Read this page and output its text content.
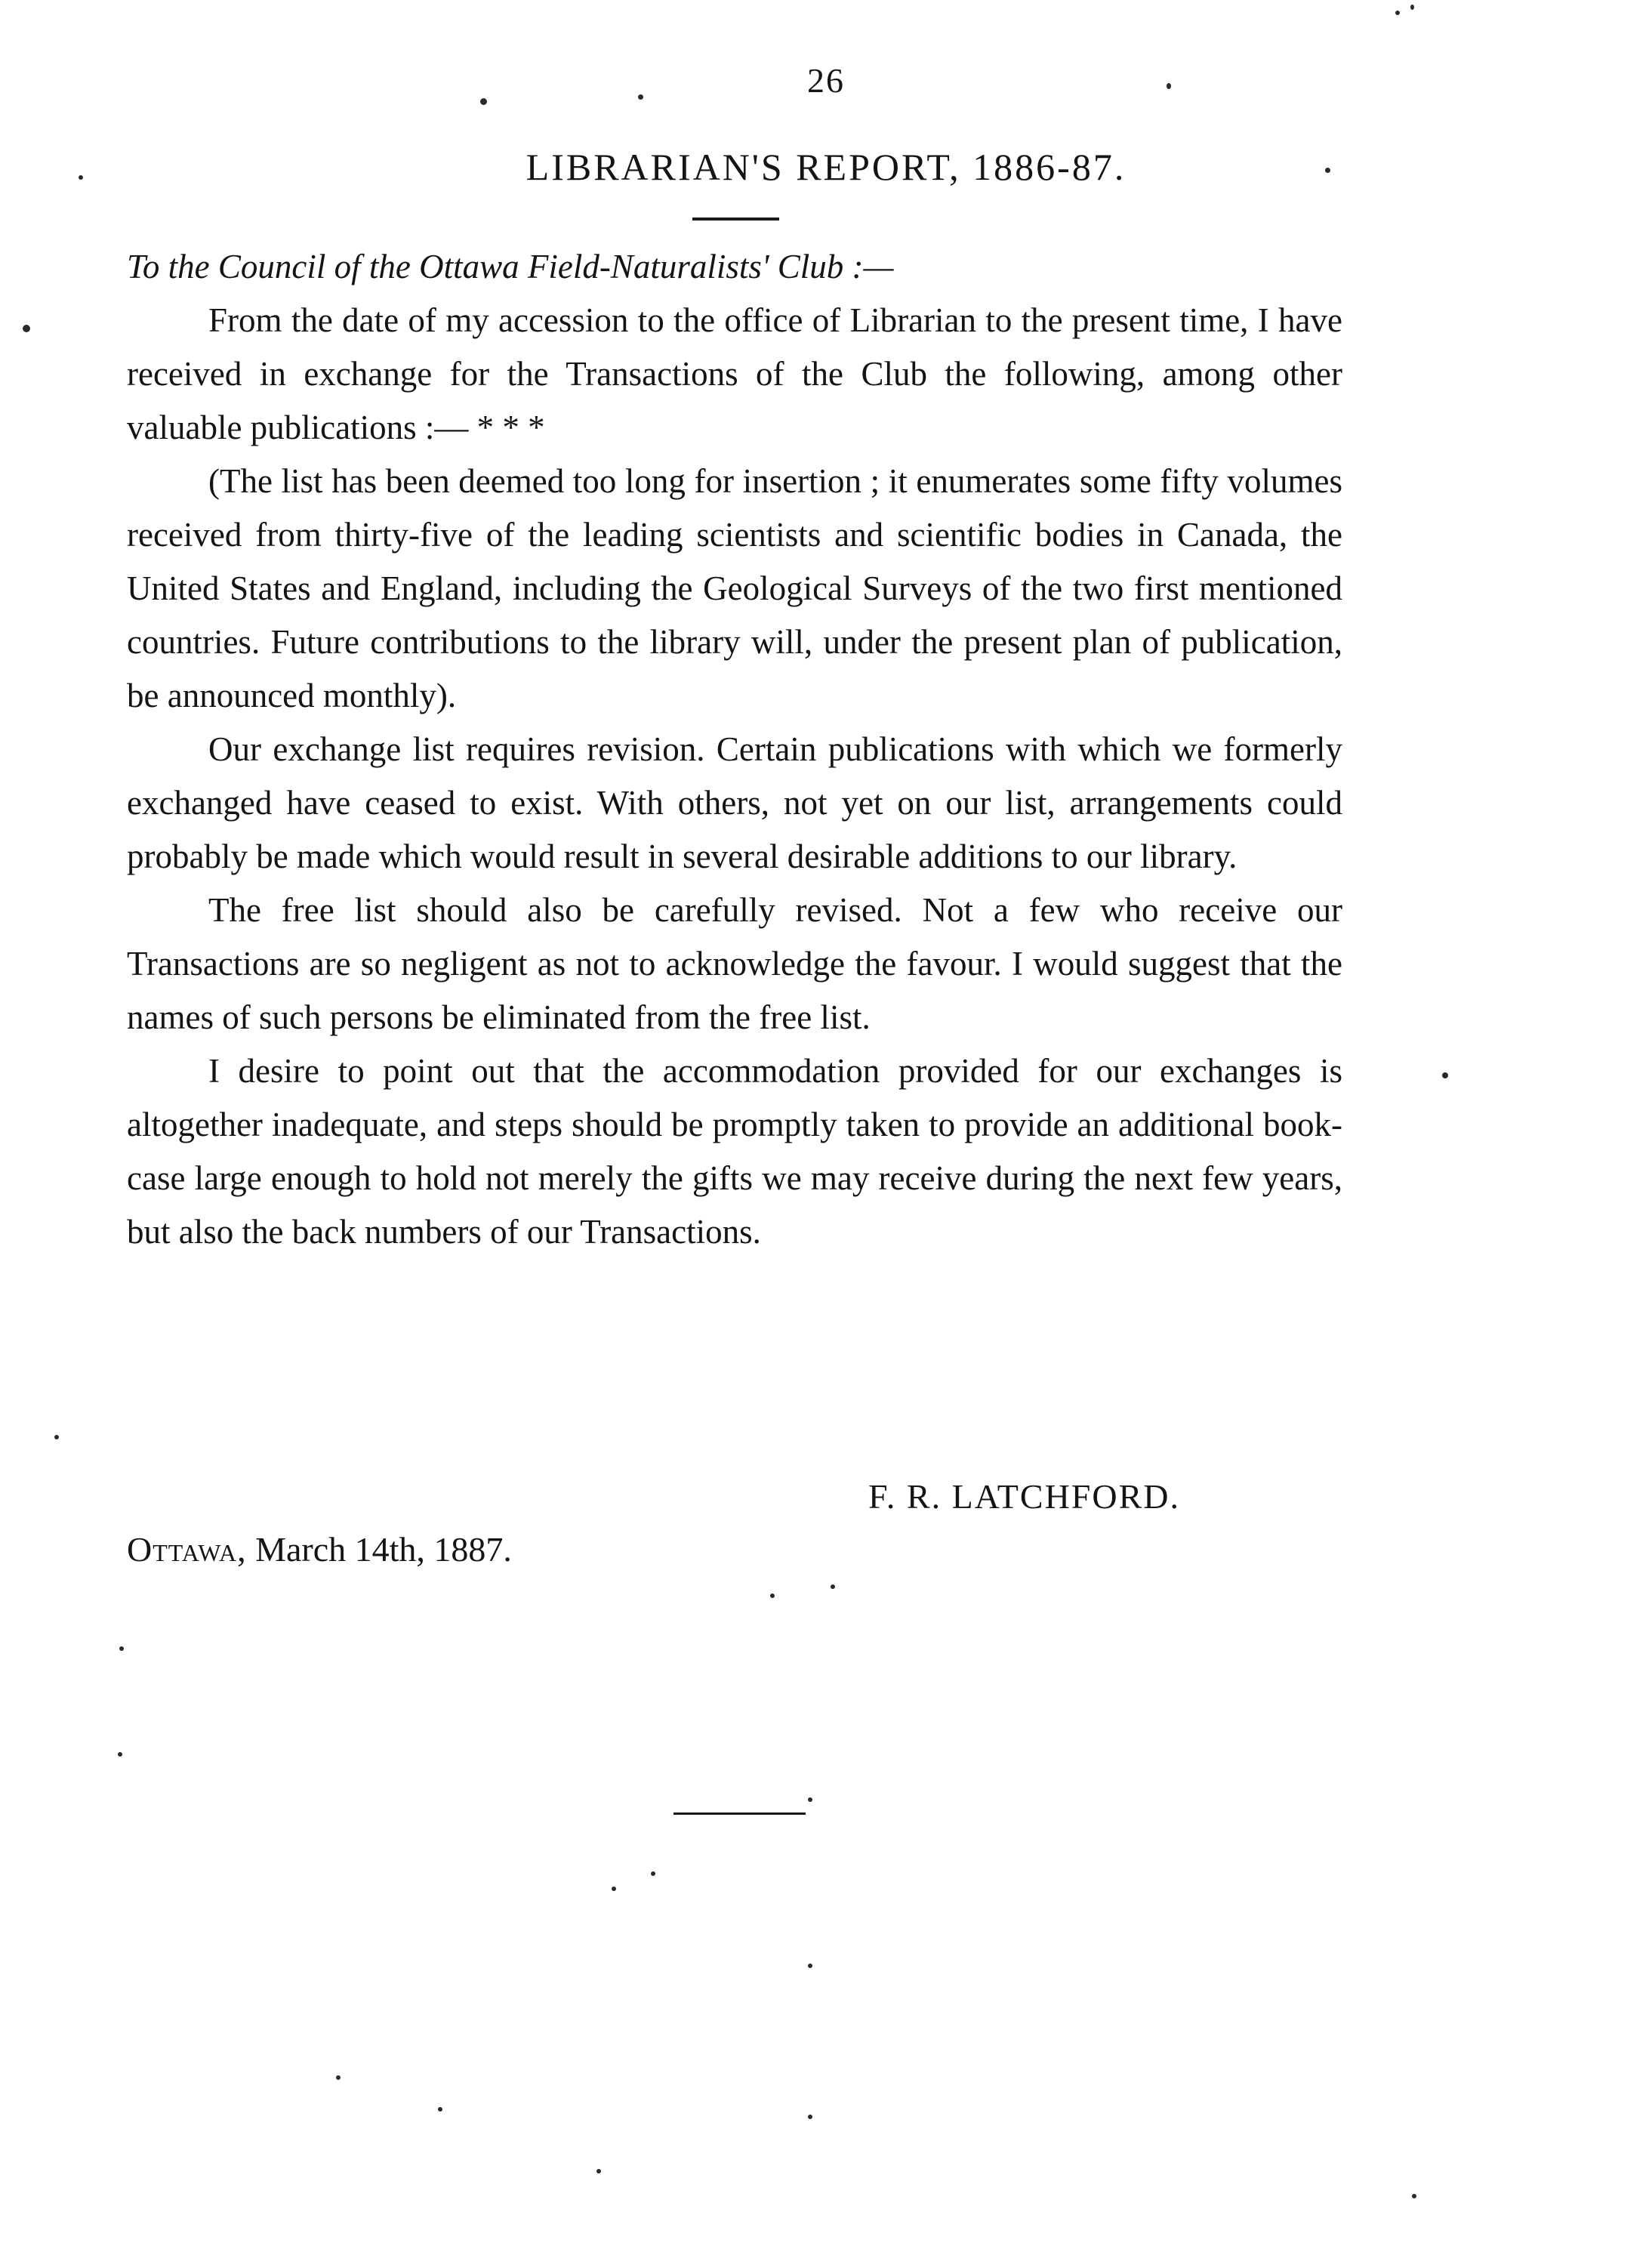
26
LIBRARIAN'S REPORT, 1886-87.
To the Council of the Ottawa Field-Naturalists' Club :—

From the date of my accession to the office of Librarian to the present time, I have received in exchange for the Transactions of the Club the following, among other valuable publications :— * * *

(The list has been deemed too long for insertion ; it enumerates some fifty volumes received from thirty-five of the leading scientists and scientific bodies in Canada, the United States and England, including the Geological Surveys of the two first mentioned countries. Future contributions to the library will, under the present plan of publication, be announced monthly).

Our exchange list requires revision. Certain publications with which we formerly exchanged have ceased to exist. With others, not yet on our list, arrangements could probably be made which would result in several desirable additions to our library.

The free list should also be carefully revised. Not a few who receive our Transactions are so negligent as not to acknowledge the favour. I would suggest that the names of such persons be eliminated from the free list.

I desire to point out that the accommodation provided for our exchanges is altogether inadequate, and steps should be promptly taken to provide an additional book-case large enough to hold not merely the gifts we may receive during the next few years, but also the back numbers of our Transactions.

F. R. LATCHFORD.
Ottawa, March 14th, 1887.
